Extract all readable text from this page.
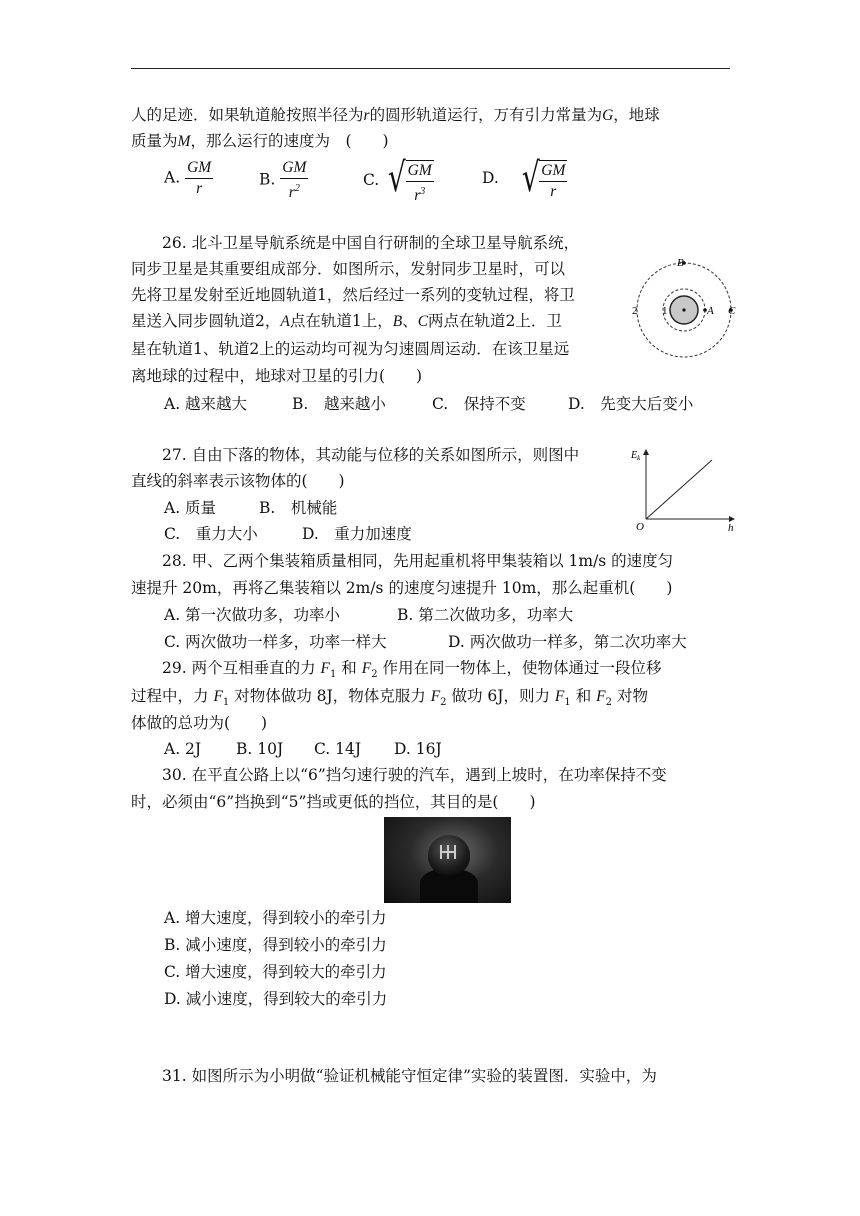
人的足迹．如果轨道舱按照半径为r的圆形轨道运行，万有引力常量为G，地球
质量为M，那么运行的速度为　(　　)
A. $\frac{GM}{r}$	B. $\frac{GM}{r^2}$	C. √ $\frac{GM}{r^3}$	D. √ $\frac{GM}{r}$
26. 北斗卫星导航系统是中国自行研制的全球卫星导航系统，
同步卫星是其重要组成部分．如图所示，发射同步卫星时，可以
先将卫星发射至近地圆轨道1，然后经过一系列的变轨过程，将卫
星送入同步圆轨道2，A点在轨道1上，B、C两点在轨道2上．卫
星在轨道1、轨道2上的运动均可视为匀速圆周运动．在该卫星远
离地球的过程中，地球对卫星的引力(　　)
A. 越来越大	B.　越来越小	C.　保持不变	D.　先变大后变小
B
A C
1
2
27. 自由下落的物体，其动能与位移的关系如图所示，则图中
直线的斜率表示该物体的(　　)
A. 质量	B.　机械能
C.　重力大小	D.　重力加速度
$E_k$
O	h
28. 甲、乙两个集装箱质量相同，先用起重机将甲集装箱以 1m/s 的速度匀
速提升 20m，再将乙集装箱以 2m/s 的速度匀速提升 10m，那么起重机(　　)
A. 第一次做功多，功率小	B. 第二次做功多，功率大
C. 两次做功一样多，功率一样大	D. 两次做功一样多，第二次功率大
29. 两个互相垂直的力 $F_1$ 和 $F_2$ 作用在同一物体上，使物体通过一段位移
过程中，力 $F_1$ 对物体做功 8J，物体克服力 $F_2$ 做功 6J，则力 $F_1$ 和 $F_2$ 对物
体做的总功为(　　)
A. 2J B. 10J C. 14J D. 16J
30. 在平直公路上以“6”挡匀速行驶的汽车，遇到上坡时，在功率保持不变
时，必须由“6”挡换到“5”挡或更低的挡位，其目的是(　　)
A. 增大速度，得到较小的牵引力
B. 减小速度，得到较小的牵引力
C. 增大速度，得到较大的牵引力
D. 减小速度，得到较大的牵引力
31. 如图所示为小明做“验证机械能守恒定律”实验的装置图．实验中，为
